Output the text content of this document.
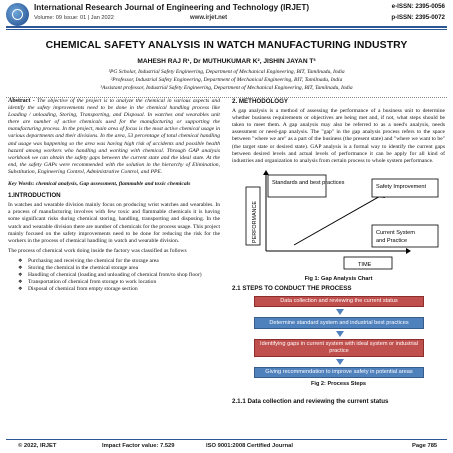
International Research Journal of Engineering and Technology (IRJET)
Volume: 09 Issue: 01 | Jan 2022	www.irjet.net
e-ISSN: 2395-0056
p-ISSN: 2395-0072
CHEMICAL SAFETY ANALYSIS IN WATCH MANUFACTURING INDUSTRY
MAHESH RAJ R¹, Dr MUTHUKUMAR K², JISHIN JAYAN T³
¹PG Scholar, Industrial Safety Engineering, Department of Mechanical Engineering, BIT, Tamilnadu, India
²Professor, Industrial Safety Engineering, Department of Mechanical Engineering, BIT, Tamilnadu, India
³Assistant professor, Industrial Safety Engineering, Department of Mechanical Engineering, BIT, Tamilnadu, India
Abstract - The objective of the project is to analyze the chemical in various aspects and identify the safety improvements need to be done in the chemical handling process like Loading / unloading, Storing, Transporting, and Disposal. In watches and wearables unit there are number of active chemicals used for the manufacturing or supporting the manufacturing process. In the project, main area of focus is the most active chemical usage in various departments and their divisions. In the area, 53 percentage of total chemical handling and usage was happening so the area was having high risk of accidents and possible health hazard among workers who handling and working with chemical. Through GAP analysis workbook we can obtain the safety gaps between the current state and the ideal state. At the end, the safety GAPs were recommended with the solution in the hierarchy of Elimination, Substitution, Engineering Control, Administrative Control, and PPE.
Key Words: chemical analysis, Gap assessment, flammable and toxic chemicals
1.INTRODUCTION

In watches and wearable division mainly focus on producing wrist watches and wearables. In a process of manufacturing involves with few toxic and flammable chemicals it is having some significant risks during chemical storing, handling, transporting and disposing. In the watch and wearable division there are number of chemicals for the process usage. This project mainly focused on the safety improvements need to be done for reducing the risk for the workers in the process of chemical handling in watch and wearable division.

The process of chemical work doing inside the factory was classified as follows

❖ Purchasing and receiving the chemical for the storage area
❖ Storing the chemical in the chemical storage area
❖ Handling of chemical (loading and unloading of chemical from/to shop floor)
❖ Transportation of chemical from storage to work location
❖ Disposal of chemical from empty storage section
2. METHODOLOGY

A gap analysis is a method of assessing the performance of a business unit to determine whether business requirements or objectives are being met and, if not, what steps should be taken to meet them. A gap analysis may also be referred to as a need's analysis, needs assessment or need-gap analysis. The "gap" in the gap analysis process refers to the space between "where we are" as a part of the business (the present state) and "where we want to be" (the target state or desired state). GAP analysis is a formal way to identify the current gaps between desired levels and actual levels of performance it can be apply for all kind of industries and organization to analysis from certain process to whole system performance.

Standards and best practices
Safety Improvement
Current System
and Practice
TIME
PERFORMANCE
Fig 1: Gap Analysis Chart
2.1 STEPS TO CONDUCT THE PROCESS
Data collection and reviewing the current status
Determine standard system and industrial best practices
Identifying gaps in current system with ideal system or industrial practice
Giving recommendation to improve safety in potential areas
Fig 2: Process Steps
2.1.1 Data collection and reviewing the current status
© 2022, IRJET	Impact Factor value: 7.529	ISO 9001:2008 Certified Journal	Page 785
